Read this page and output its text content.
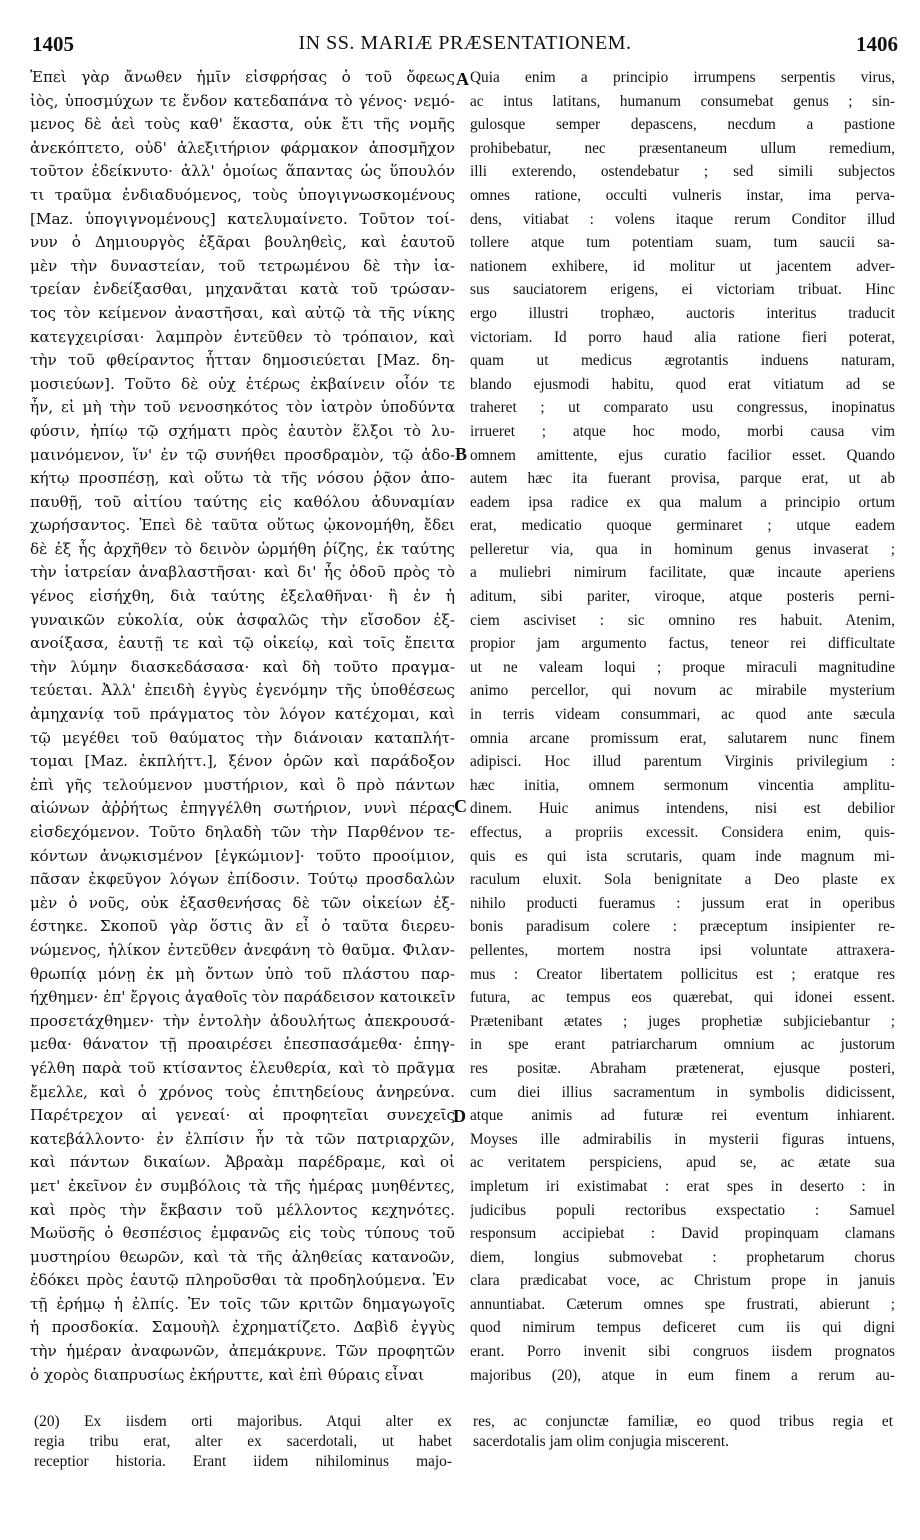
1405	IN SS. MARIÆ PRÆSENTATIONEM.	1406
Ἐπεὶ γὰρ ἄνωθεν ἡμῖν εἰσφρήσας ὁ τοῦ ὄφεως
ἰὸς, ὑποσμύχων τε ἔνδον κατεδαπάνα τὸ γένος· νεμό-
μενος δὲ ἀεὶ τοὺς καθ' ἕκαστα, οὐκ ἔτι τῆς νομῆς
ἀνεκόπτετο, οὐδ' ἀλεξιτήριον φάρμακον ἀποσμῆχον
τοῦτον ἐδείκνυτο· ἀλλ' ὁμοίως ἅπαντας ὡς ὕπουλόν
τι τραῦμα ἐνδιαδυόμενος, τοὺς ὑπογιγνωσκομένους
[Maz. ὑπογιγνομένους] κατελυμαίνετο. Τοῦτον τοί-
νυν ὁ Δημιουργὸς ἐξᾶραι βουληθεὶς, καὶ ἑαυτοῦ
μὲν τὴν δυναστείαν, τοῦ τετρωμένου δὲ τὴν ἰα-
τρείαν ἐνδείξασθαι, μηχανᾶται κατὰ τοῦ τρώσαν-
τος τὸν κείμενον ἀναστῆσαι, καὶ αὐτῷ τὰ τῆς νίκης
κατεγχειρίσαι· λαμπρὸν ἐντεῦθεν τὸ τρόπαιον, καὶ
τὴν τοῦ φθείραντος ἧτταν δημοσιεύεται [Maz. δη-
μοσιεύων]. Τοῦτο δὲ οὐχ ἑτέρως ἐκβαίνειν οἷόν τε
ἦν, εἰ μὴ τὴν τοῦ νενοσηκότος τὸν ἰατρὸν ὑποδύντα
φύσιν, ἠπίῳ τῷ σχήματι πρὸς ἑαυτὸν ἕλξοι τὸ λυ-
μαινόμενον, ἵν' ἐν τῷ συνήθει προσδραμὸν, τῷ ἀδο-
κήτῳ προσπέσῃ, καὶ οὕτω τὰ τῆς νόσου ῥᾷον ἀπο-
παυθῇ, τοῦ αἰτίου ταύτης εἰς καθόλου ἀδυναμίαν
χωρήσαντος. Ἐπεὶ δὲ ταῦτα οὕτως ᾠκονομήθη, ἔδει
δὲ ἐξ ἧς ἀρχῆθεν τὸ δεινὸν ὡρμήθη ῥίζης, ἐκ ταύτης
τὴν ἰατρείαν ἀναβλαστῆσαι· καὶ δι' ἧς ὁδοῦ πρὸς τὸ
γένος εἰσήχθη, διὰ ταύτης ἐξελαθῆναι· ἢ ἐν ἡ
γυναικῶν εὐκολία, οὐκ ἀσφαλῶς τὴν εἴσοδον ἐξ-
ανοίξασα, ἑαυτῇ τε καὶ τῷ οἰκείῳ, καὶ τοῖς ἔπειτα
τὴν λύμην διασκεδάσασα· καὶ δὴ τοῦτο πραγμα-
τεύεται. Ἀλλ' ἐπειδὴ ἐγγὺς ἐγενόμην τῆς ὑποθέσεως
ἀμηχανίᾳ τοῦ πράγματος τὸν λόγον κατέχομαι, καὶ
τῷ μεγέθει τοῦ θαύματος τὴν διάνοιαν καταπλήτ-
τομαι [Maz. ἐκπλήττ.], ξένον ὁρῶν καὶ παράδοξον
ἐπὶ γῆς τελούμενον μυστήριον, καὶ ὃ πρὸ πάντων
αἰώνων ἀῤῥήτως ἐπηγγέλθη σωτήριον, νυνὶ πέρας
εἰσδεχόμενον. Τοῦτο δηλαδὴ τῶν τὴν Παρθένον τε-
κόντων ἀνῳκισμένον [ἐγκώμιον]· τοῦτο προοίμιον,
πᾶσαν ἐκφεῦγον λόγων ἐπίδοσιν. Τούτῳ προσδαλὼν
μὲν ὁ νοῦς, οὐκ ἐξασθενήσας δὲ τῶν οἰκείων ἐξ-
έστηκε. Σκοποῦ γὰρ ὅστις ἂν εἶ ὁ ταῦτα διερευ-
νώμενος, ἡλίκον ἐντεῦθεν ἀνεφάνη τὸ θαῦμα. Φιλαν-
θρωπίᾳ μόνῃ ἐκ μὴ ὄντων ὑπὸ τοῦ πλάστου παρ-
ήχθημεν· ἐπ' ἔργοις ἀγαθοῖς τὸν παράδεισον κατοικεῖν
προσετάχθημεν· τὴν ἐντολὴν ἀδουλήτως ἀπεκρουσά-
μεθα· θάνατον τῇ προαιρέσει ἐπεσπασάμεθα· ἐπηγ-
γέλθη παρὰ τοῦ κτίσαντος ἐλευθερία, καὶ τὸ πρᾶγμα
ἔμελλε, καὶ ὁ χρόνος τοὺς ἐπιτηδείους ἀνηρεύνα.
Παρέτρεχον αἱ γενεαί· αἱ προφητεῖαι συνεχεῖς
κατεβάλλοντο· ἐν ἐλπίσιν ἦν τὰ τῶν πατριαρχῶν,
καὶ πάντων δικαίων. Ἀβραὰμ παρέδραμε, καὶ οἱ
μετ' ἐκεῖνον ἐν συμβόλοις τὰ τῆς ἡμέρας μυηθέντες,
καὶ πρὸς τὴν ἔκβασιν τοῦ μέλλοντος κεχηνότες.
Μωϋσῆς ὁ θεσπέσιος ἐμφανῶς εἰς τοὺς τύπους τοῦ
μυστηρίου θεωρῶν, καὶ τὰ τῆς ἀληθείας κατανοῶν,
ἐδόκει πρὸς ἑαυτῷ πληροῦσθαι τὰ προδηλούμενα. Ἐν
τῇ ἐρήμῳ ἡ ἐλπίς. Ἐν τοῖς τῶν κριτῶν δημαγωγοῖς
ἡ προσδοκία. Σαμουὴλ ἐχρηματίζετο. Δαβὶδ ἐγγὺς
τὴν ἡμέραν ἀναφωνῶν, ἀπεμάκρυνε. Τῶν προφητῶν
ὁ χορὸς διαπρυσίως ἐκήρυττε, καὶ ἐπὶ θύραις εἶναι
Quia enim a principio irrumpens serpentis virus,
ac intus latitans, humanum consumebat genus ; sin-
gulosque semper depascens, necdum a pastione
prohibebatur, nec præsentaneum ullum remedium,
illi exterendo, ostendebatur ; sed simili subjectos
omnes ratione, occulti vulneris instar, ima perva-
dens, vitiabat : volens itaque rerum Conditor illud
tollere atque tum potentiam suam, tum saucii sa-
nationem exhibere, id molitur ut jacentem adver-
sus sauciatorem erigens, ei victoriam tribuat. Hinc
ergo illustri trophæo, auctoris interitus traducit
victoriam. Id porro haud alia ratione fieri poterat,
quam ut medicus ægrotantis induens naturam,
blando ejusmodi habitu, quod erat vitiatum ad se
traheret ; ut comparato usu congressus, inopinatus
irrueret ; atque hoc modo, morbi causa vim
omnem amittente, ejus curatio facilior esset. Quando
autem hæc ita fuerant provisa, parque erat, ut ab
eadem ipsa radice ex qua malum a principio ortum
erat, medicatio quoque germinaret ; utque eadem
pelleretur via, qua in hominum genus invaserat ;
a muliebri nimirum facilitate, quæ incaute aperiens
aditum, sibi pariter, viroque, atque posteris perni-
ciem asciviset : sic omnino res habuit. Atenim,
propior jam argumento factus, teneor rei difficultate
ut ne valeam loqui ; proque miraculi magnitudine
animo percellor, qui novum ac mirabile mysterium
in terris videam consummari, ac quod ante sæcula
omnia arcane promissum erat, salutarem nunc finem
adipisci. Hoc illud parentum Virginis privilegium :
hæc initia, omnem sermonum vincentia amplitu-
dinem. Huic animus intendens, nisi est debilior
effectus, a propriis excessit. Considera enim, quis-
quis es qui ista scrutaris, quam inde magnum mi-
raculum eluxit. Sola benignitate a Deo plaste ex
nihilo producti fueramus : jussum erat in operibus
bonis paradisum colere : præceptum insipienter re-
pellentes, mortem nostra ipsi voluntate attraxera-
mus : Creator libertatem pollicitus est ; eratque res
futura, ac tempus eos quærebat, qui idonei essent.
Prætenibant ætates ; juges prophetiæ subjiciebantur ;
in spe erant patriarcharum omnium ac justorum
res positæ. Abraham prætenerat, ejusque posteri,
cum diei illius sacramentum in symbolis didicissent,
atque animis ad futuræ rei eventum inhiarent.
Moyses ille admirabilis in mysterii figuras intuens,
ac veritatem perspiciens, apud se, ac ætate sua
impletum iri existimabat : erat spes in deserto : in
judicibus populi rectoribus exspectatio : Samuel
responsum accipiebat : David propinquam clamans
diem, longius submovebat : prophetarum chorus
clara prædicabat voce, ac Christum prope in januis
annuntiabat. Cæterum omnes spe frustrati, abierunt ;
quod nimirum tempus deficeret cum iis qui digni
erant. Porro invenit sibi congruos iisdem prognatos
majoribus (20), atque in eum finem a rerum au-
A
B
C
D
(20) Ex iisdem orti majoribus. Atqui alter ex
regia tribu erat, alter ex sacerdotali, ut habet
receptior historia. Erant iidem nihilominus majo-
res, ac conjunctæ familiæ, eo quod tribus regia et
sacerdotalis jam olim conjugia miscerent.
